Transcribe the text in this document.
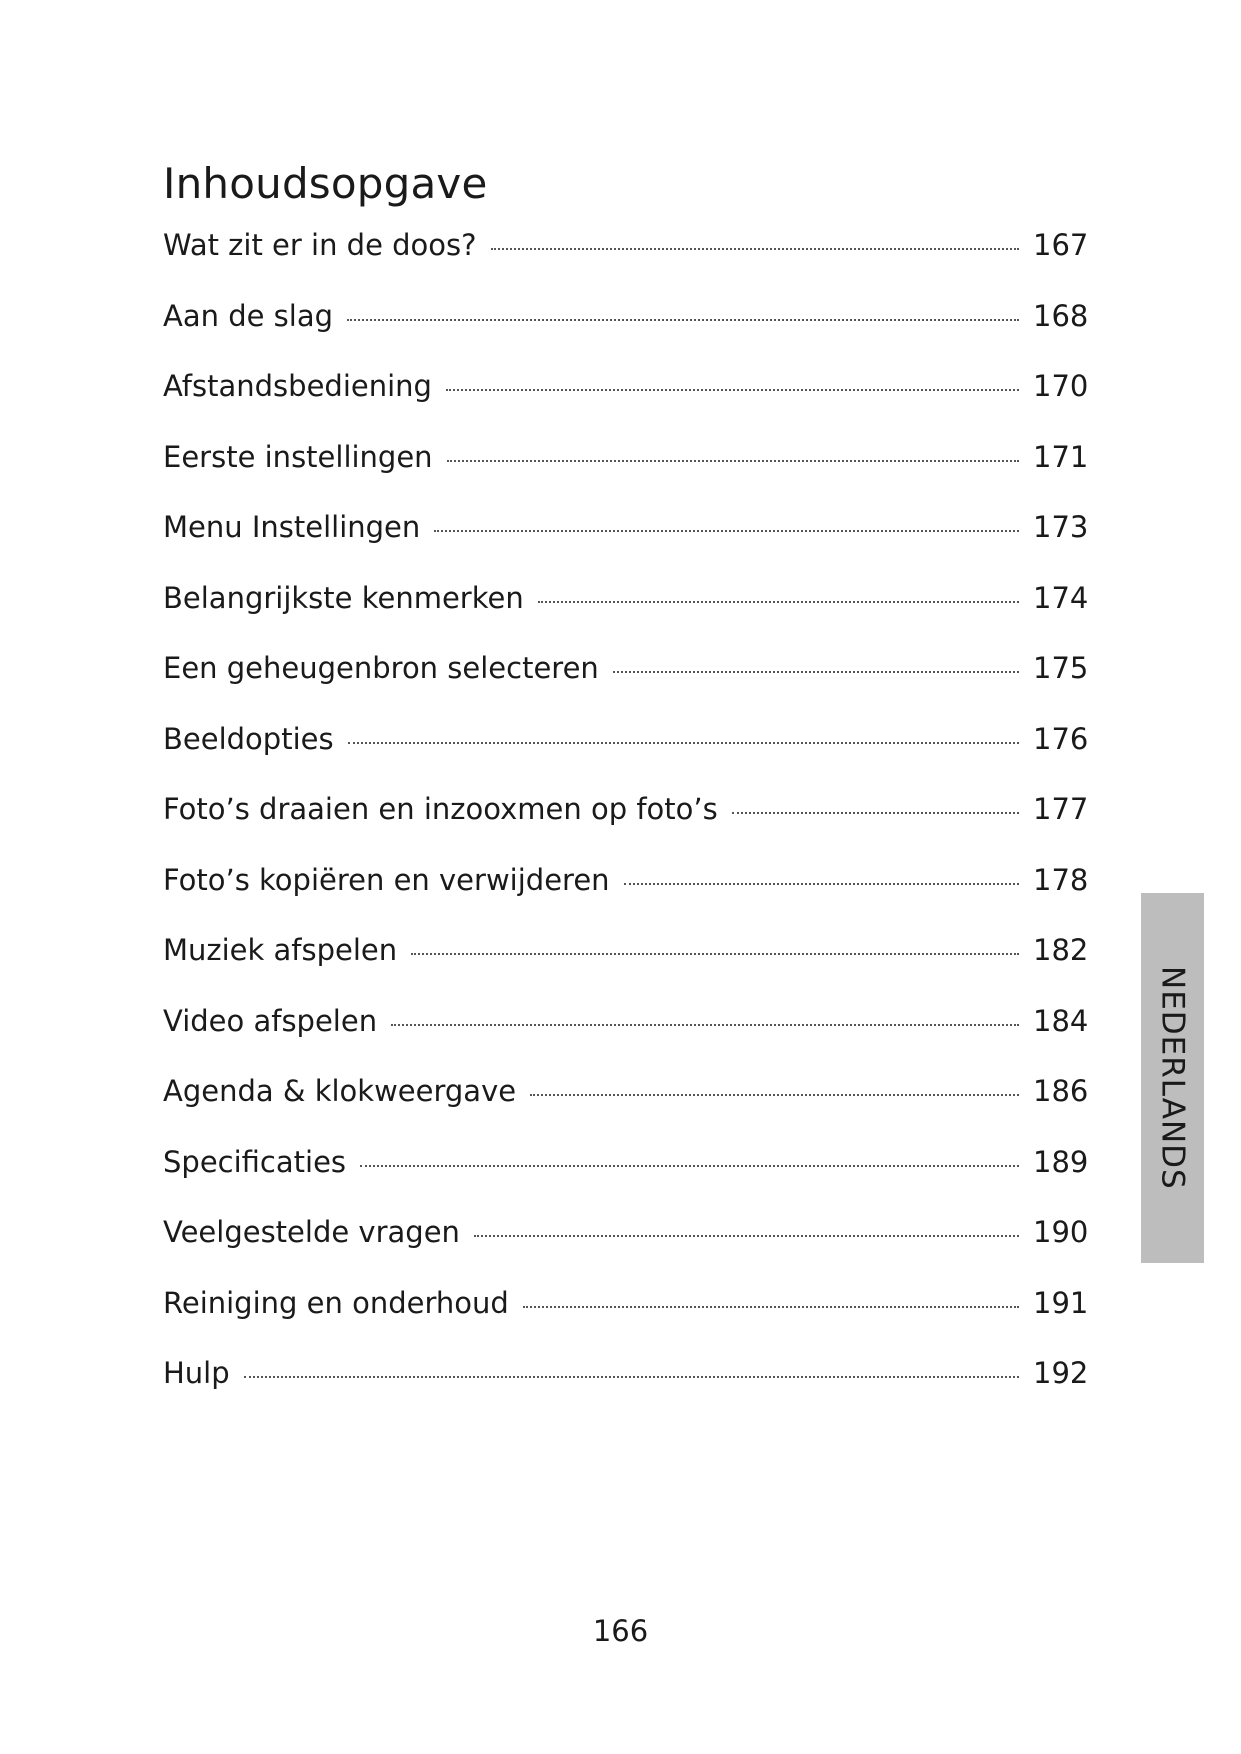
Inhoudsopgave
Wat zit er in de doos?	167
Aan de slag	168
Afstandsbediening	170
Eerste instellingen	171
Menu Instellingen	173
Belangrijkste kenmerken	174
Een geheugenbron selecteren	175
Beeldopties	176
Foto’s draaien en inzooxmen op foto’s	177
Foto’s kopiëren en verwijderen	178
Muziek afspelen	182
Video afspelen	184
Agenda & klokweergave	186
Specificaties	189
Veelgestelde vragen	190
Reiniging en onderhoud	191
Hulp	192
NEDERLANDS
166
